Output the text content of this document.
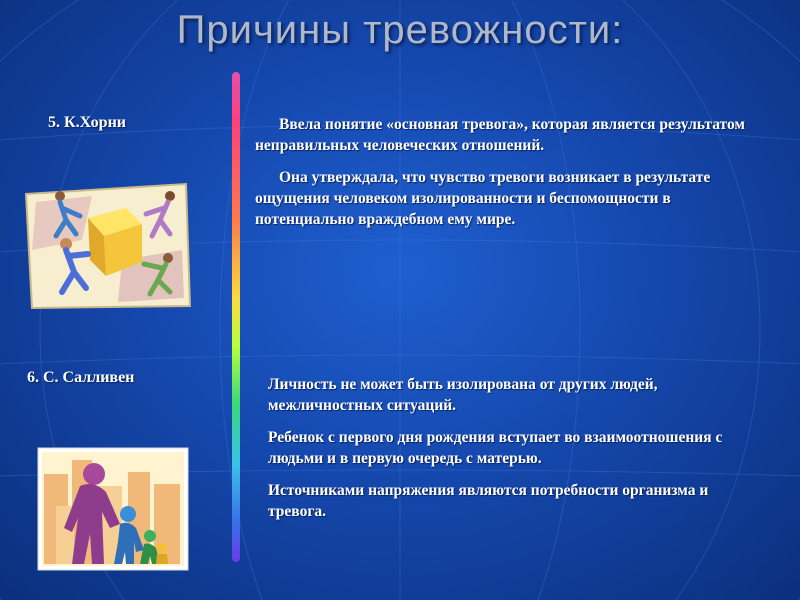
Причины тревожности:
5. К.Хорни
6. С. Салливен

Ввела понятие «основная тревога», которая является результатом неправильных человеческих отношений.

Она утверждала, что чувство тревоги возникает в результате ощущения человеком изолированности и беспомощности в потенциально враждебном ему мире.

Личность не может быть изолирована от других людей, межличностных ситуаций.

Ребенок с первого дня рождения вступает во взаимоотношения с людьми и в первую очередь с матерью.

Источниками напряжения являются потребности организма и тревога.
